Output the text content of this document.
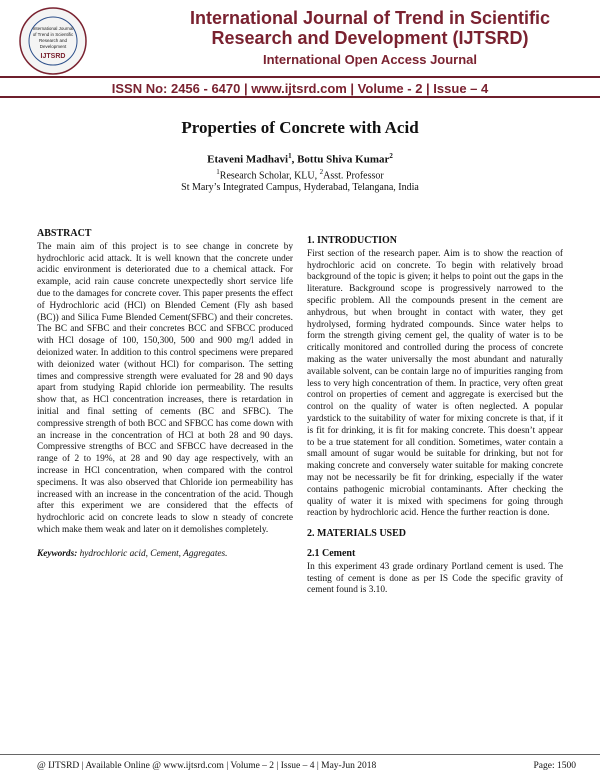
International Journal
of Trend in Scientific
Research and
Development
IJTSRD
International Journal of Trend in Scientific
Research and Development (IJTSRD)
International Open Access Journal
ISSN No: 2456 - 6470 | www.ijtsrd.com | Volume - 2 | Issue – 4
Properties of Concrete with Acid
Etaveni Madhavi$^1$, Bottu Shiva Kumar$^2$
$^1$Research Scholar, KLU, $^2$Asst. Professor
St Mary’s Integrated Campus, Hyderabad, Telangana, India
ABSTRACT

The main aim of this project is to see change in concrete by hydrochloric acid attack. It is well known that the concrete under acidic environment is deteriorated due to a chemical attack. For example, acid rain cause concrete unexpectedly short service life due to the damages for concrete cover. This paper presents the effect of Hydrochloric acid (HCl) on Blended Cement (Fly ash based (BC)) and Silica Fume Blended Cement(SFBC) and their concretes. The BC and SFBC and their concretes BCC and SFBCC produced with HCl dosage of 100, 150,300, 500 and 900 mg/l added in deionized water. In addition to this control specimens were prepared with deionized water (without HCl) for comparison. The setting times and compressive strength were evaluated for 28 and 90 days apart from studying Rapid chloride ion permeability. The results show that, as HCl concentration increases, there is retardation in initial and final setting of cements (BC and SFBC). The compressive strength of both BCC and SFBCC has come down with an increase in the concentration of HCl at both 28 and 90 days. Compressive strengths of BCC and SFBCC have decreased in the range of 2 to 19%, at 28 and 90 day age respectively, with an increase in HCl concentration, when compared with the control specimens. It was also observed that Chloride ion permeability has increased with an increase in the concentration of the acid. Though after this experiment we are considered that the effects of hydrochloric acid on concrete leads to slow n steady of concrete which make them weak and later on it demolishes completely.

Keywords: hydrochloric acid, Cement, Aggregates.
1. INTRODUCTION

First section of the research paper. Aim is to show the reaction of hydrochloric acid on concrete. To begin with relatively broad background of the topic is given; it helps to point out the gaps in the literature. Background scope is progressively narrowed to the specific problem. All the compounds present in the cement are anhydrous, but when brought in contact with water, they get hydrolysed, forming hydrated compounds. Since water helps to form the strength giving cement gel, the quality of water is to be critically monitored and controlled during the process of concrete making as the water universally the most abundant and naturally available solvent, can be contain large no of impurities ranging from less to very high concentration of them. In practice, very often great control on properties of cement and aggregate is exercised but the control on the quality of water is often neglected. A popular yardstick to the suitability of water for mixing concrete is that, if it is fit for drinking, it is fit for making concrete. This doesn’t appear to be a true statement for all condition. Sometimes, water contain a small amount of sugar would be suitable for drinking, but not for making concrete and conversely water suitable for making concrete may not be necessarily be fit for drinking, especially if the water contains pathogenic microbial contaminants. After checking the quality of water it is mixed with specimens for going through reaction by hydrochloric acid. Hence the further reaction is done.

2. MATERIALS USED
2.1 Cement

In this experiment 43 grade ordinary Portland cement is used. The testing of cement is done as per IS Code the specific gravity of cement found is 3.10.

@ IJTSRD | Available Online @ www.ijtsrd.com | Volume – 2 | Issue – 4 | May-Jun 2018	Page: 1500
